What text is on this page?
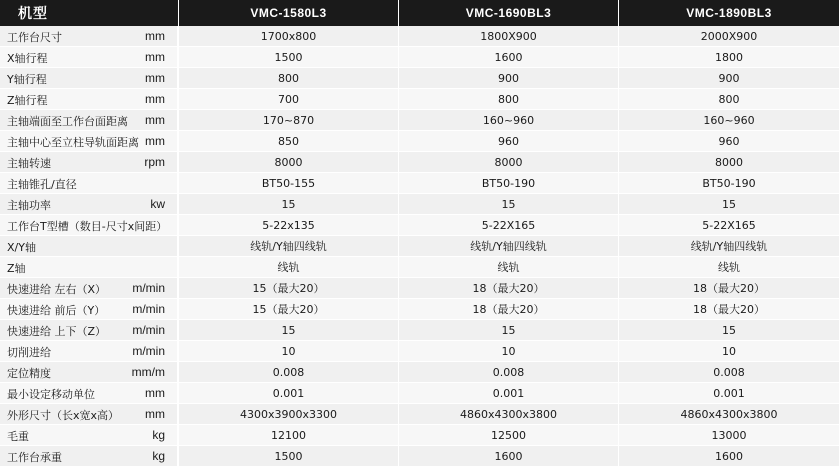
机型	VMC-1580L3	VMC-1690BL3	VMC-1890BL3

工作台尺寸 mm	1700x800	1800X900	2000X900

X轴行程 mm	1500	1600	1800

Y轴行程 mm	800	900	900

Z轴行程 mm	700	800	800

主轴端面至工作台面距离 mm	170~870	160~960	160~960

主轴中心至立柱导轨面距离 mm	850	960	960

主轴转速 rpm	8000	8000	8000

主轴锥孔/直径	BT50-155	BT50-190	BT50-190

主轴功率 kw	15	15	15

工作台T型槽（数目-尺寸x间距）	5-22x135	5-22X165	5-22X165

X/Y轴	线轨/Y轴四线轨	线轨/Y轴四线轨	线轨/Y轴四线轨

Z轴	线轨	线轨	线轨

快速进给 左右（X） m/min	15（最大20）	18（最大20）	18（最大20）

快速进给 前后（Y） m/min	15（最大20）	18（最大20）	18（最大20）

快速进给 上下（Z） m/min	15	15	15

切削进给 m/min	10	10	10

定位精度 mm/m	0.008	0.008	0.008

最小设定移动单位 mm	0.001	0.001	0.001

外形尺寸（长x宽x高） mm	4300x3900x3300	4860x4300x3800	4860x4300x3800

毛重 kg	12100	12500	13000

工作台承重 kg	1500	1600	1600
